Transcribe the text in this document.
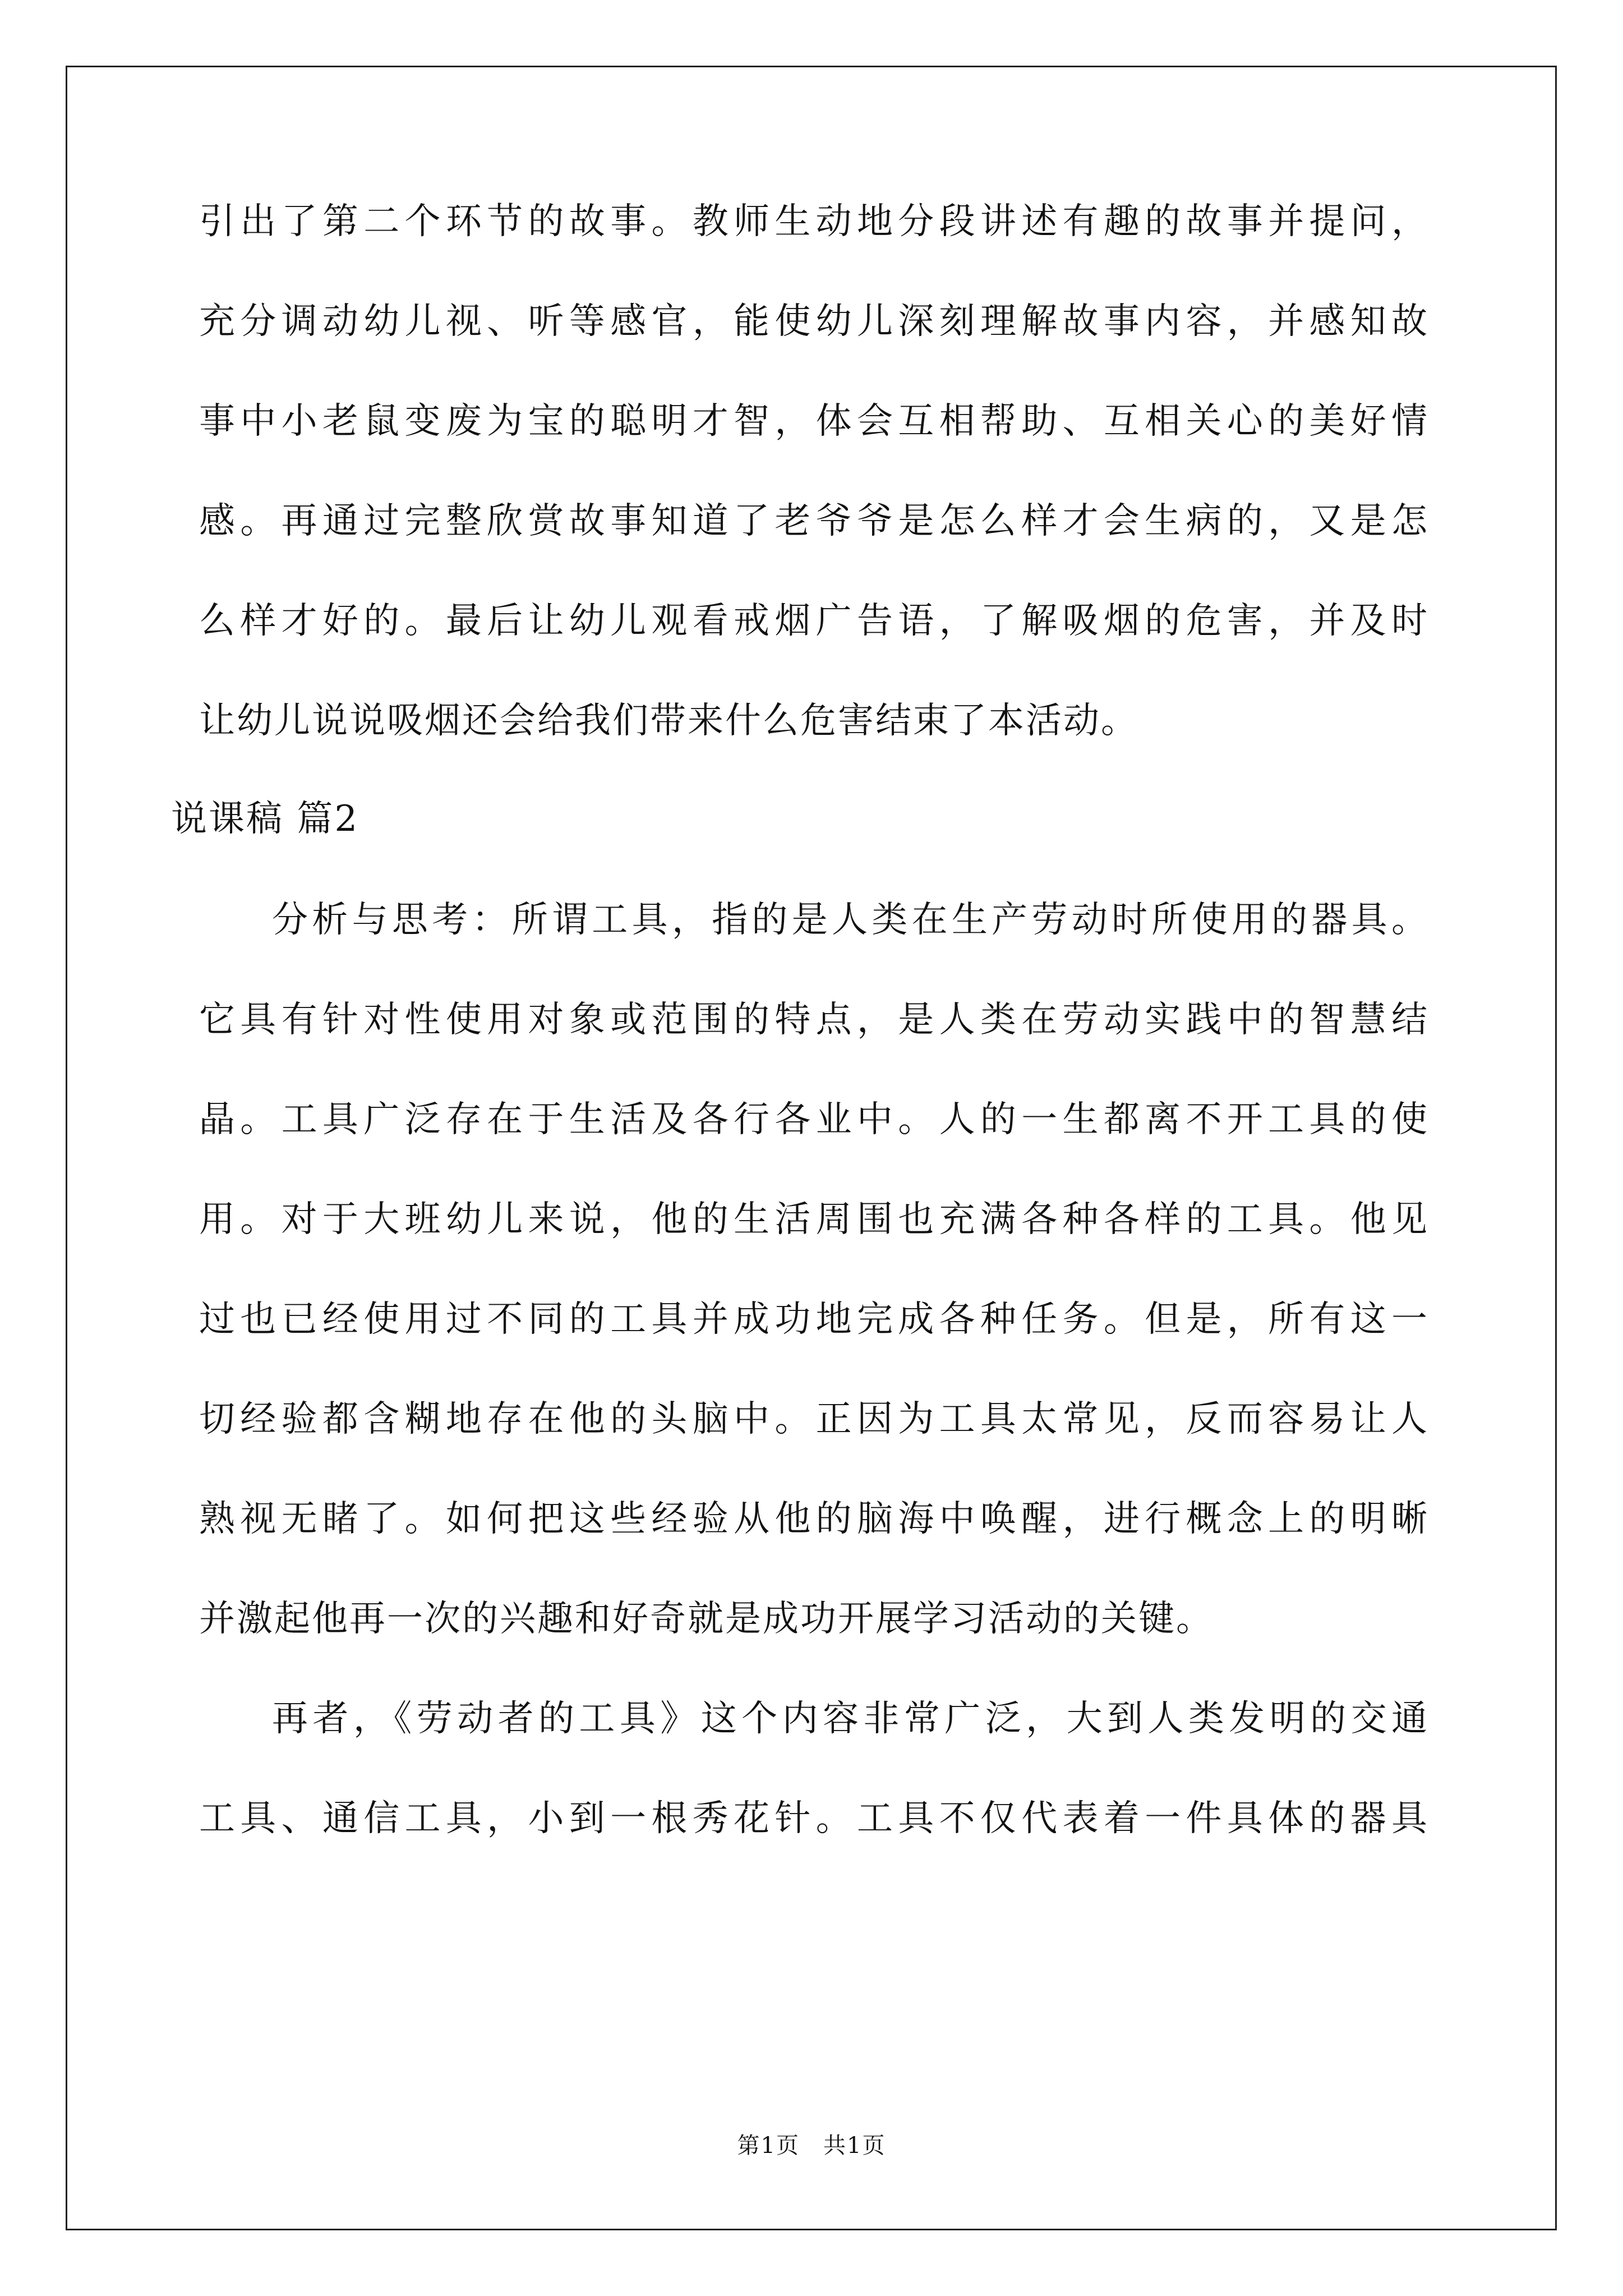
引出了第二个环节的故事。教师生动地分段讲述有趣的故事并提问，
充分调动幼儿视、听等感官，能使幼儿深刻理解故事内容，并感知故
事中小老鼠变废为宝的聪明才智，体会互相帮助、互相关心的美好情
感。再通过完整欣赏故事知道了老爷爷是怎么样才会生病的，又是怎
么样才好的。最后让幼儿观看戒烟广告语，了解吸烟的危害，并及时
让幼儿说说吸烟还会给我们带来什么危害结束了本活动。
说课稿 篇2
分析与思考：所谓工具，指的是人类在生产劳动时所使用的器具。
它具有针对性使用对象或范围的特点，是人类在劳动实践中的智慧结
晶。工具广泛存在于生活及各行各业中。人的一生都离不开工具的使
用。对于大班幼儿来说，他的生活周围也充满各种各样的工具。他见
过也已经使用过不同的工具并成功地完成各种任务。但是，所有这一
切经验都含糊地存在他的头脑中。正因为工具太常见，反而容易让人
熟视无睹了。如何把这些经验从他的脑海中唤醒，进行概念上的明晰
并激起他再一次的兴趣和好奇就是成功开展学习活动的关键。
再者，《劳动者的工具》这个内容非常广泛，大到人类发明的交通
工具、通信工具，小到一根秀花针。工具不仅代表着一件具体的器具
第1页　共1页
